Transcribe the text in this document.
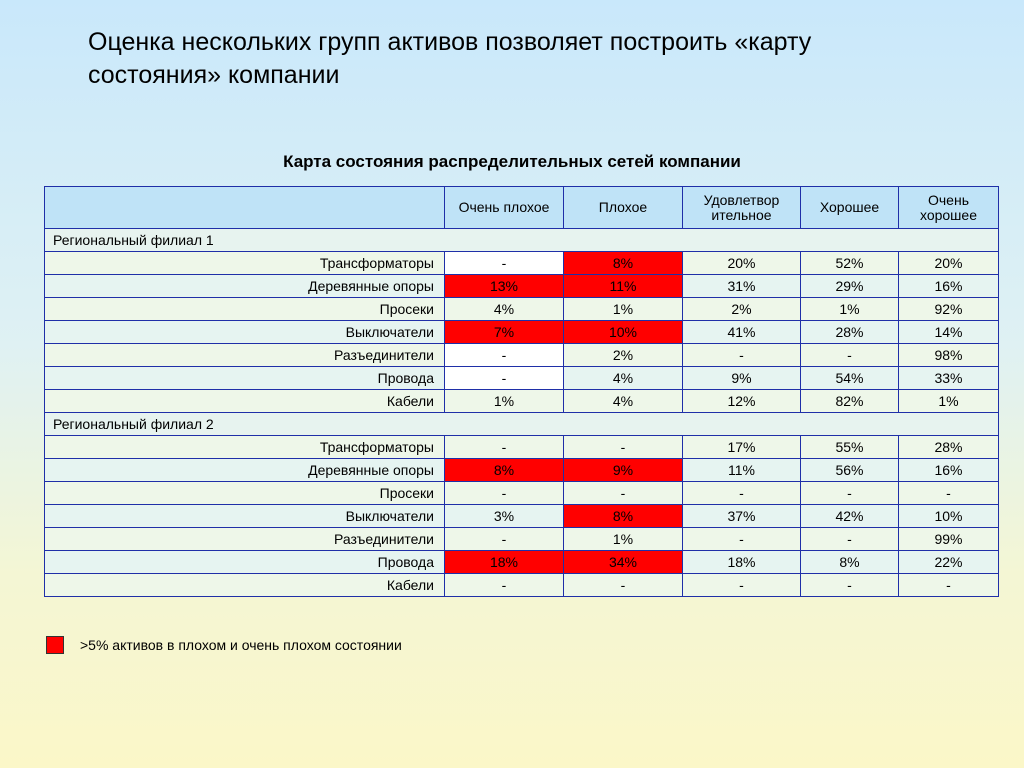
Оценка нескольких групп активов позволяет построить «карту состояния» компании
Карта состояния распределительных сетей компании
	Очень плохое	Плохое	Удовлетвор ительное	Хорошее	Очень хорошее
Региональный филиал 1					
Трансформаторы	-	8%	20%	52%	20%
Деревянные опоры	13%	11%	31%	29%	16%
Просеки	4%	1%	2%	1%	92%
Выключатели	7%	10%	41%	28%	14%
Разъединители	-	2%	-	-	98%
Провода	-	4%	9%	54%	33%
Кабели	1%	4%	12%	82%	1%
Региональный филиал 2					
Трансформаторы	-	-	17%	55%	28%
Деревянные опоры	8%	9%	11%	56%	16%
Просеки	-	-	-	-	-
Выключатели	3%	8%	37%	42%	10%
Разъединители	-	1%	-	-	99%
Провода	18%	34%	18%	8%	22%
Кабели	-	-	-	-	-
>5% активов в плохом и очень плохом состоянии
